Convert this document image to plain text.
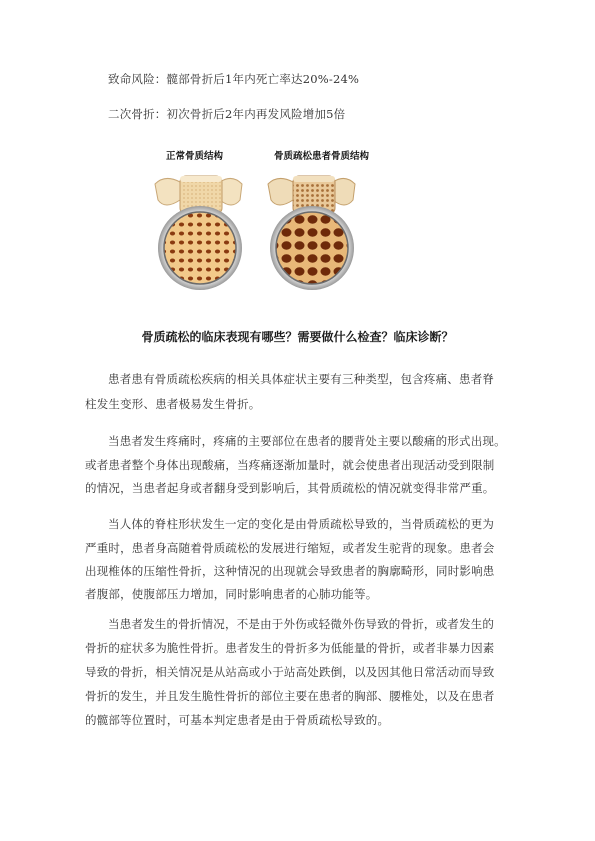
致命风险：髋部骨折后1年内死亡率达20%-24%
二次骨折：初次骨折后2年内再发风险增加5倍
正常骨质结构	骨质疏松患者骨质结构
骨质疏松的临床表现有哪些？需要做什么检查？临床诊断？
患者患有骨质疏松疾病的相关具体症状主要有三种类型，包含疼痛、患者脊
柱发生变形、患者极易发生骨折。
当患者发生疼痛时，疼痛的主要部位在患者的腰背处主要以酸痛的形式出现。
或者患者整个身体出现酸痛，当疼痛逐渐加量时，就会使患者出现活动受到限制
的情况，当患者起身或者翻身受到影响后，其骨质疏松的情况就变得非常严重。
当人体的脊柱形状发生一定的变化是由骨质疏松导致的，当骨质疏松的更为
严重时，患者身高随着骨质疏松的发展进行缩短，或者发生驼背的现象。患者会
出现椎体的压缩性骨折，这种情况的出现就会导致患者的胸廓畸形，同时影响患
者腹部，使腹部压力增加，同时影响患者的心肺功能等。
当患者发生的骨折情况，不是由于外伤或轻微外伤导致的骨折，或者发生的
骨折的症状多为脆性骨折。患者发生的骨折多为低能量的骨折，或者非暴力因素
导致的骨折，相关情况是从站高或小于站高处跌倒，以及因其他日常活动而导致
骨折的发生，并且发生脆性骨折的部位主要在患者的胸部、腰椎处，以及在患者
的髋部等位置时，可基本判定患者是由于骨质疏松导致的。
